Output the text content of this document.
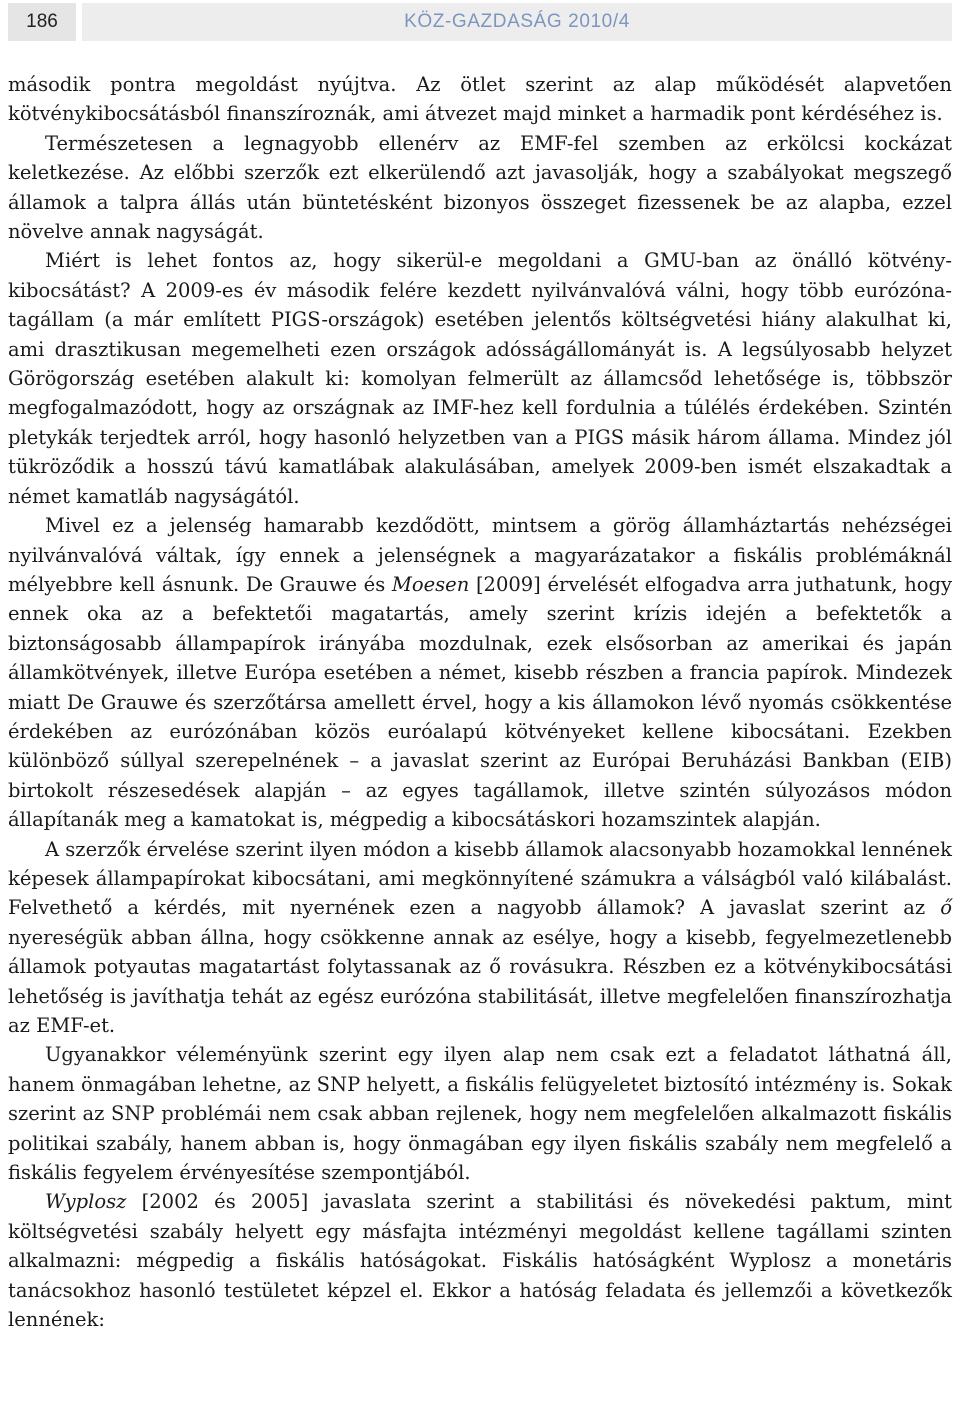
186	KÖZ-GAZDASÁG 2010/4

második pontra megoldást nyújtva. Az ötlet szerint az alap működését alapvetően kötvénykibocsátásból finanszíroznák, ami átvezet majd minket a harmadik pont kérdéséhez is.

Természetesen a legnagyobb ellenérv az EMF-fel szemben az erkölcsi kockázat keletkezése. Az előbbi szerzők ezt elkerülendő azt javasolják, hogy a szabályokat megszegő államok a talpra állás után büntetésként bizonyos összeget fizessenek be az alapba, ezzel növelve annak nagyságát.

Miért is lehet fontos az, hogy sikerül-e megoldani a GMU-ban az önálló kötvénykibocsátást? A 2009-es év második felére kezdett nyilvánvalóvá válni, hogy több eurózóna-tagállam (a már említett PIGS-országok) esetében jelentős költségvetési hiány alakulhat ki, ami drasztikusan megemelheti ezen országok adósságállományát is. A legsúlyosabb helyzet Görögország esetében alakult ki: komolyan felmerült az államcsőd lehetősége is, többször megfogalmazódott, hogy az országnak az IMF-hez kell fordulnia a túlélés érdekében. Szintén pletykák terjedtek arról, hogy hasonló helyzetben van a PIGS másik három állama. Mindez jól tükröződik a hosszú távú kamatlábak alakulásában, amelyek 2009-ben ismét elszakadtak a német kamatláb nagyságától.

Mivel ez a jelenség hamarabb kezdődött, mintsem a görög államháztartás nehézségei nyilvánvalóvá váltak, így ennek a jelenségnek a magyarázatakor a fiskális problémáknál mélyebbre kell ásnunk. De Grauwe és Moesen [2009] érvelését elfogadva arra juthatunk, hogy ennek oka az a befektetői magatartás, amely szerint krízis idején a befektetők a biztonságosabb állampapírok irányába mozdulnak, ezek elsősorban az amerikai és japán államkötvények, illetve Európa esetében a német, kisebb részben a francia papírok. Mindezek miatt De Grauwe és szerzőtársa amellett érvel, hogy a kis államokon lévő nyomás csökkentése érdekében az eurózónában közös euróalapú kötvényeket kellene kibocsátani. Ezekben különböző súllyal szerepelnének – a javaslat szerint az Európai Beruházási Bankban (EIB) birtokolt részesedések alapján – az egyes tagállamok, illetve szintén súlyozásos módon állapítanák meg a kamatokat is, mégpedig a kibocsátáskori hozamszintek alapján.

A szerzők érvelése szerint ilyen módon a kisebb államok alacsonyabb hozamokkal lennének képesek állampapírokat kibocsátani, ami megkönnyítené számukra a válságból való kilábalást. Felvethető a kérdés, mit nyernének ezen a nagyobb államok? A javaslat szerint az ő nyereségük abban állna, hogy csökkenne annak az esélye, hogy a kisebb, fegyelmezetlenebb államok potyautas magatartást folytassanak az ő rovásukra. Részben ez a kötvénykibocsátási lehetőség is javíthatja tehát az egész eurózóna stabilitását, illetve megfelelően finanszírozhatja az EMF-et.

Ugyanakkor véleményünk szerint egy ilyen alap nem csak ezt a feladatot láthatná áll, hanem önmagában lehetne, az SNP helyett, a fiskális felügyeletet biztosító intézmény is. Sokak szerint az SNP problémái nem csak abban rejlenek, hogy nem megfelelően alkalmazott fiskális politikai szabály, hanem abban is, hogy önmagában egy ilyen fiskális szabály nem megfelelő a fiskális fegyelem érvényesítése szempontjából.

Wyplosz [2002 és 2005] javaslata szerint a stabilitási és növekedési paktum, mint költségvetési szabály helyett egy másfajta intézményi megoldást kellene tagállami szinten alkalmazni: mégpedig a fiskális hatóságokat. Fiskális hatóságként Wyplosz a monetáris tanácsokhoz hasonló testületet képzel el. Ekkor a hatóság feladata és jellemzői a következők lennének:
